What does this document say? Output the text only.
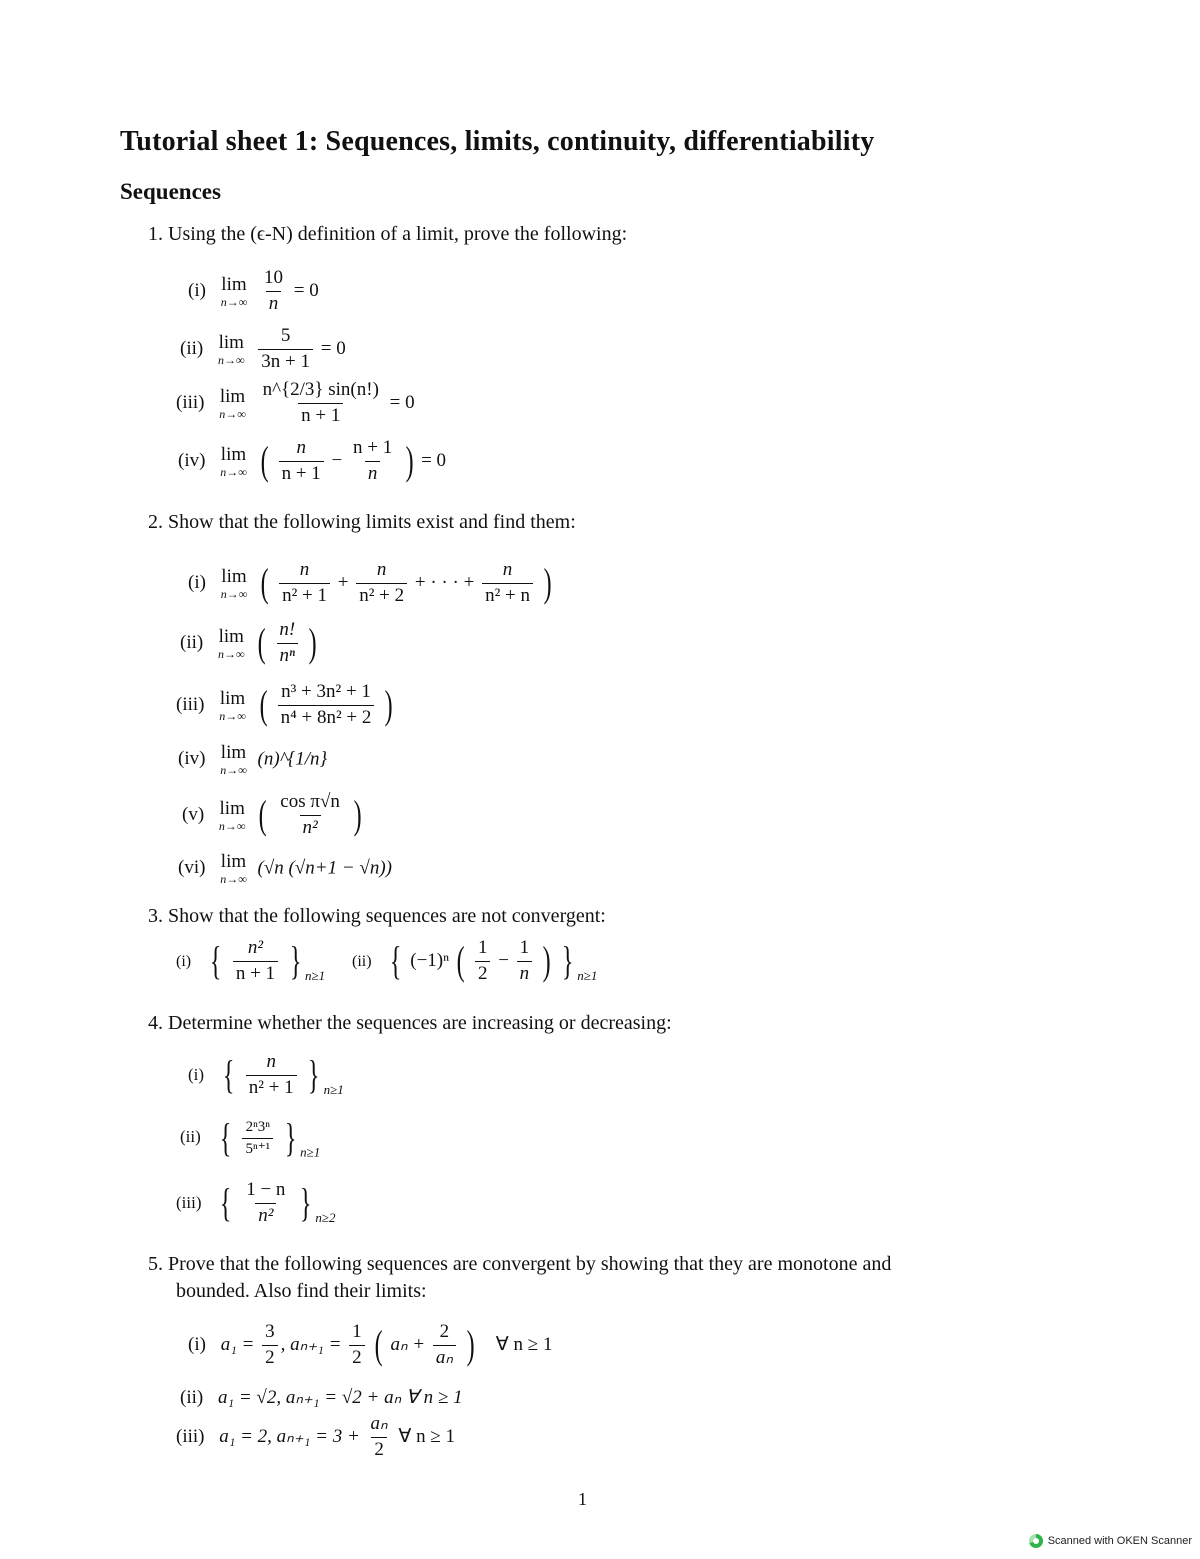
Tutorial sheet 1: Sequences, limits, continuity, differentiability
Sequences
1. Using the (ϵ-N) definition of a limit, prove the following:
(i) lim
n→∞
$\frac{10}{n} = 0$
(ii) lim
n→∞
$\frac{5}{3n + 1} = 0$
(iii) lim
n→∞
$\frac{n\^{}\{2/3\} \sin(n!)}{n + 1} = 0$
(iv) lim
n→∞ ( $\frac{n}{n + 1} - \frac{n + 1}{n}$ ) = 0
2. Show that the following limits exist and find them:
(i) lim
n→∞ ( $\frac{n}{\text{n² + 1}} + \frac{n}{\text{n² + 2}}$ + · · · + $\frac{n}{\text{n² + n}}$ )
(ii) lim
n→∞ ( $\frac{n!}{\text{nⁿ}}$ )
(iii) lim
n→∞ ( $\frac{\text{n³ + 3n² + 1}}{\text{n⁴ + 8n² + 2}}$ )
(iv) lim
n→∞
(n)^{1/n}
(v) lim
n→∞ ( $\frac{\text{cos π√n}}{\text{n²}}$ )
(vi) lim
n→∞
(√n (√n+1 − √n))
3. Show that the following sequences are not convergent:
(i) { $\frac{\text{n²}}{n + 1}$ } $_{n\ge 1}$
(ii) { (−1)ⁿ ( $\frac{1}{2} - \frac{1}{n}$ ) } $_{n\ge 1}$
4. Determine whether the sequences are increasing or decreasing:
(i) { $\frac{n}{\text{n² + 1}}$ } $_{n\ge 1}$
(ii) { $\frac{\text{2ⁿ3ⁿ}}{\text{5ⁿ⁺¹}}$ } $_{n\ge 1}$
(iii) { $\frac{1 - n}{\text{n²}}$ } $_{n\ge 2}$
5. Prove that the following sequences are convergent by showing that they are monotone and
bounded. Also find their limits:
(i) $a_1 = \frac{3}{2}$ , $a_{n+1} = \frac{1}{2}$ ( $a_n + \frac{2}{\text{aₙ}}$ ) ∀ n ≥ 1
(ii) a₁ = √2, aₙ₊₁ = √2 + aₙ ∀ n ≥ 1
(iii) a₁ = 2, $a_{n+1} = 3 + \frac{\text{aₙ}}{2}$ ∀ n ≥ 1
1
Scanned with OKEN Scanner
